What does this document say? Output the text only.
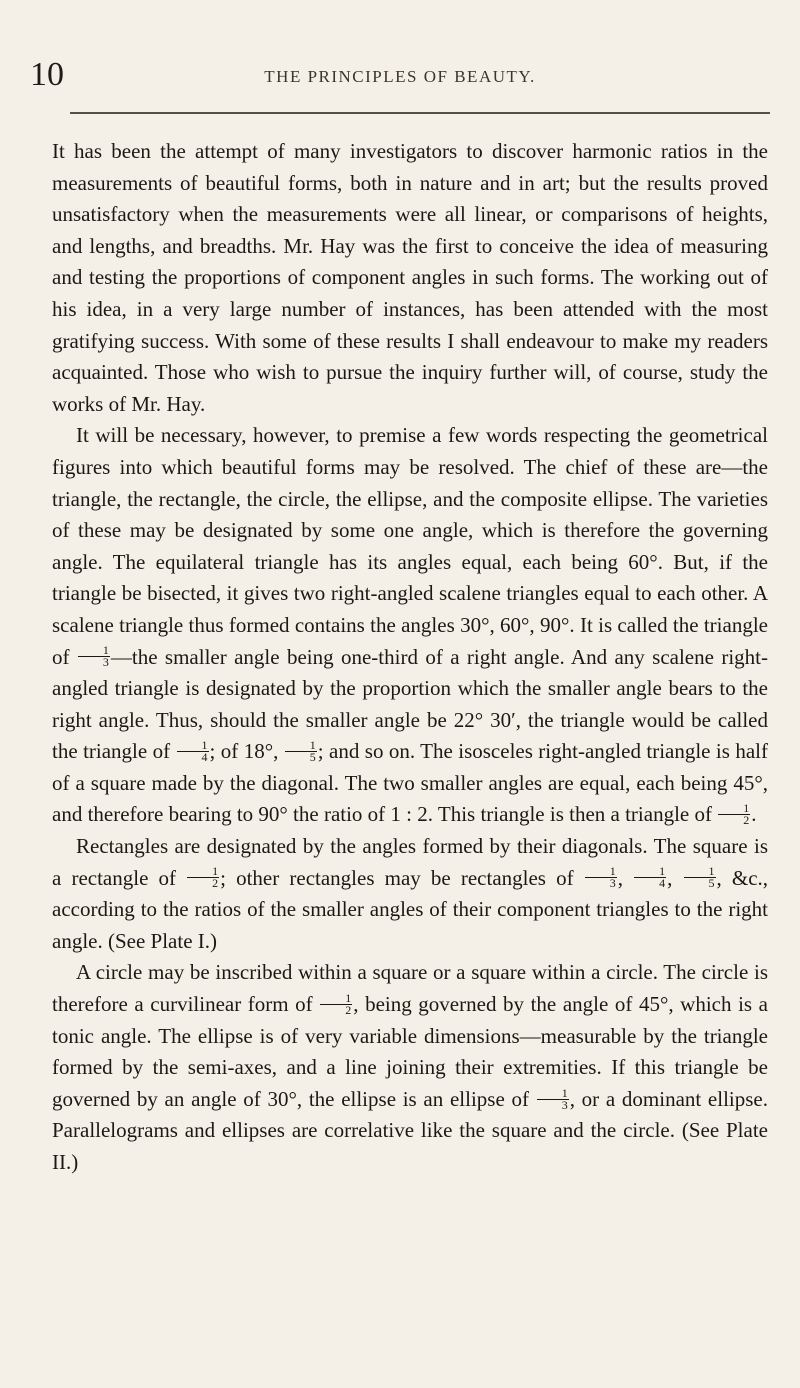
10	THE PRINCIPLES OF BEAUTY.

It has been the attempt of many investigators to discover harmonic ratios in the measurements of beautiful forms, both in nature and in art; but the results proved unsatisfactory when the measurements were all linear, or comparisons of heights, and lengths, and breadths. Mr. Hay was the first to conceive the idea of measuring and testing the proportions of component angles in such forms. The working out of his idea, in a very large number of instances, has been attended with the most gratifying success. With some of these results I shall endeavour to make my readers acquainted. Those who wish to pursue the inquiry further will, of course, study the works of Mr. Hay.

It will be necessary, however, to premise a few words respecting the geometrical figures into which beautiful forms may be resolved. The chief of these are—the triangle, the rectangle, the circle, the ellipse, and the composite ellipse. The varieties of these may be designated by some one angle, which is therefore the governing angle. The equilateral triangle has its angles equal, each being 60°. But, if the triangle be bisected, it gives two right-angled scalene triangles equal to each other. A scalene triangle thus formed contains the angles 30°, 60°, 90°. It is called the triangle of $\frac{1}{3}$ —the smaller angle being one-third of a right angle. And any scalene right-angled triangle is designated by the proportion which the smaller angle bears to the right angle. Thus, should the smaller angle be 22° 30′, the triangle would be called the triangle of $\frac{1}{4}$ ; of 18°, $\frac{1}{5}$ ; and so on. The isosceles right-angled triangle is half of a square made by the diagonal. The two smaller angles are equal, each being 45°, and therefore bearing to 90° the ratio of 1 : 2. This triangle is then a triangle of $\frac{1}{2}$ .

Rectangles are designated by the angles formed by their diagonals. The square is a rectangle of $\frac{1}{2}$ ; other rectangles may be rectangles of $\frac{1}{3}$ , $\frac{1}{4}$ , $\frac{1}{5}$ , &c., according to the ratios of the smaller angles of their component triangles to the right angle. (See Plate I.)

A circle may be inscribed within a square or a square within a circle. The circle is therefore a curvilinear form of $\frac{1}{2}$ , being governed by the angle of 45°, which is a tonic angle. The ellipse is of very variable dimensions—measurable by the triangle formed by the semi-axes, and a line joining their extremities. If this triangle be governed by an angle of 30°, the ellipse is an ellipse of $\frac{1}{3}$ , or a dominant ellipse. Parallelograms and ellipses are correlative like the square and the circle. (See Plate II.)
